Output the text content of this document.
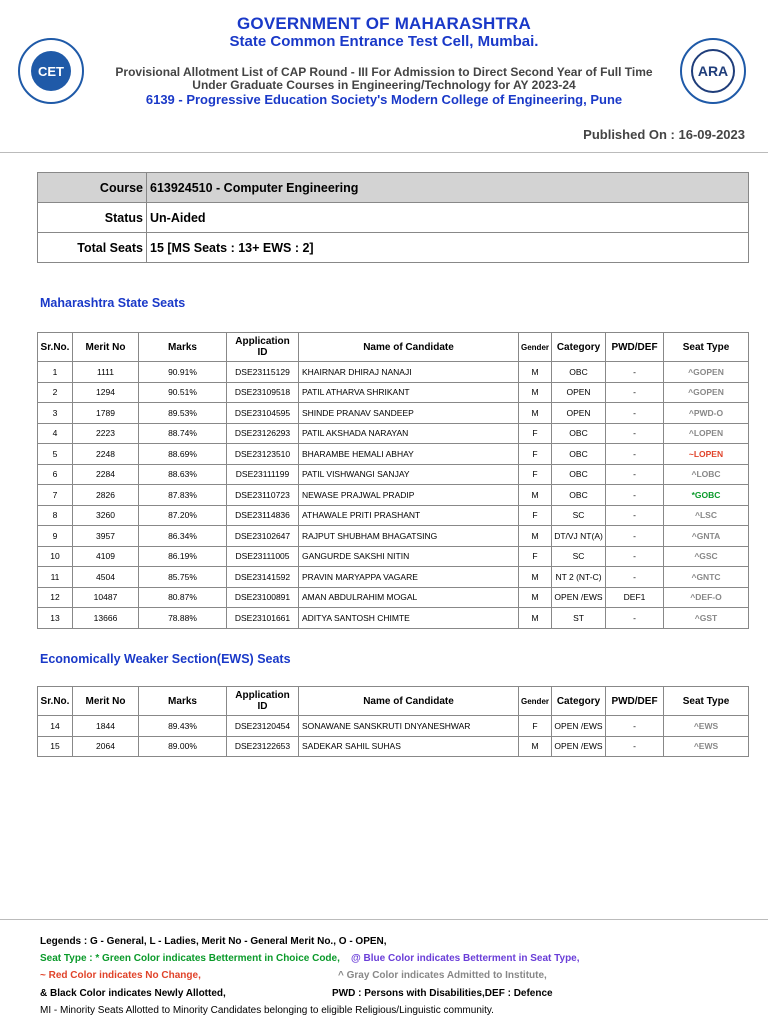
CET	ARA
GOVERNMENT OF MAHARASHTRA
State Common Entrance Test Cell, Mumbai.
Provisional Allotment List of CAP Round - III For Admission to Direct Second Year of Full Time Under Graduate Courses in Engineering/Technology for AY 2023-24
6139 - Progressive Education Society's Modern College of Engineering, Pune
Published On : 16-09-2023
Course	613924510 - Computer Engineering
Status	Un-Aided
Total Seats	15 [MS Seats : 13+ EWS : 2]
Maharashtra State Seats
Sr.No.	Merit No	Marks	Application ID	Name of Candidate	Gender	Category	PWD/DEF	Seat Type
1	1111	90.91%	DSE23115129	KHAIRNAR DHIRAJ NANAJI	M	OBC	-	^GOPEN
2	1294	90.51%	DSE23109518	PATIL ATHARVA SHRIKANT	M	OPEN	-	^GOPEN
3	1789	89.53%	DSE23104595	SHINDE PRANAV SANDEEP	M	OPEN	-	^PWD-O
4	2223	88.74%	DSE23126293	PATIL AKSHADA NARAYAN	F	OBC	-	^LOPEN
5	2248	88.69%	DSE23123510	BHARAMBE HEMALI ABHAY	F	OBC	-	~LOPEN
6	2284	88.63%	DSE23111199	PATIL VISHWANGI SANJAY	F	OBC	-	^LOBC
7	2826	87.83%	DSE23110723	NEWASE PRAJWAL PRADIP	M	OBC	-	*GOBC
8	3260	87.20%	DSE23114836	ATHAWALE PRITI PRASHANT	F	SC	-	^LSC
9	3957	86.34%	DSE23102647	RAJPUT SHUBHAM BHAGATSING	M	DT/VJ NT(A)	-	^GNTA
10	4109	86.19%	DSE23111005	GANGURDE SAKSHI NITIN	F	SC	-	^GSC
11	4504	85.75%	DSE23141592	PRAVIN MARYAPPA VAGARE	M	NT 2 (NT-C)	-	^GNTC
12	10487	80.87%	DSE23100891	AMAN ABDULRAHIM MOGAL	M	OPEN /EWS	DEF1	^DEF-O
13	13666	78.88%	DSE23101661	ADITYA SANTOSH CHIMTE	M	ST	-	^GST
Economically Weaker Section(EWS) Seats
Sr.No.	Merit No	Marks	Application ID	Name of Candidate	Gender	Category	PWD/DEF	Seat Type
14	1844	89.43%	DSE23120454	SONAWANE SANSKRUTI DNYANESHWAR	F	OPEN /EWS	-	^EWS
15	2064	89.00%	DSE23122653	SADEKAR SAHIL SUHAS	M	OPEN /EWS	-	^EWS
Legends : G - General, L - Ladies, Merit No - General Merit No., O - OPEN,
Seat Type : * Green Color indicates Betterment in Choice Code, @ Blue Color indicates Betterment in Seat Type,
~ Red Color indicates No Change,	^ Gray Color indicates Admitted to Institute,
& Black Color indicates Newly Allotted,	PWD : Persons with Disabilities,DEF : Defence
MI - Minority Seats Allotted to Minority Candidates belonging to eligible Religious/Linguistic community.
